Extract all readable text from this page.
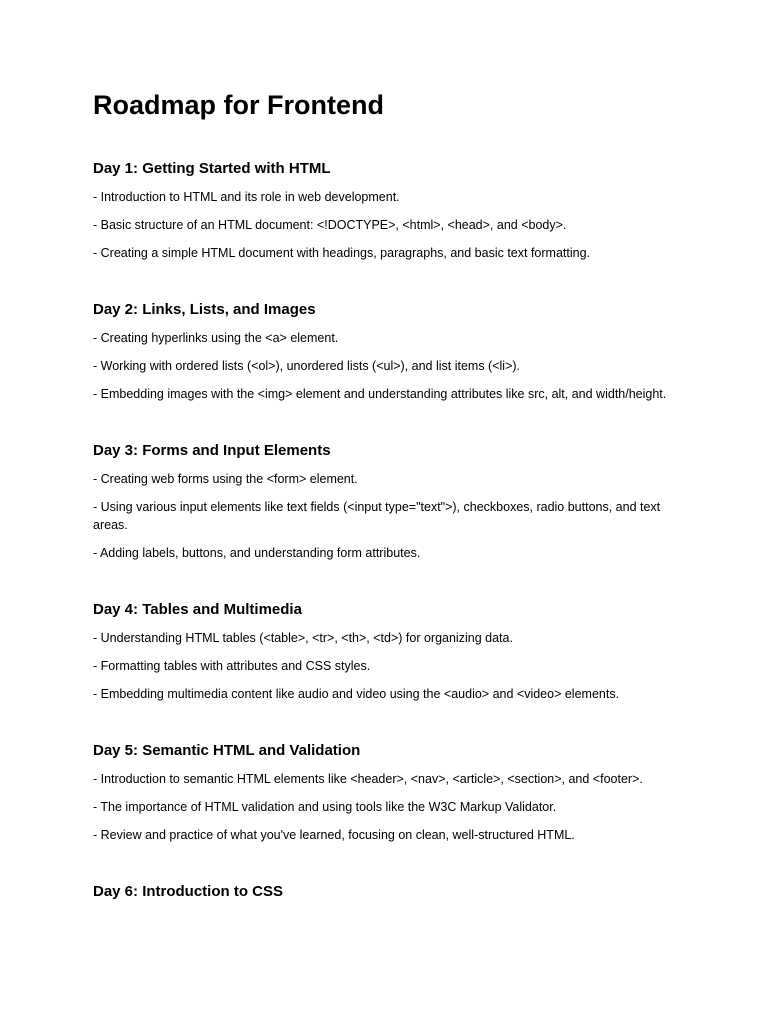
Roadmap for Frontend
Day 1: Getting Started with HTML

- Introduction to HTML and its role in web development.

- Basic structure of an HTML document: <!DOCTYPE>, <html>, <head>, and <body>.

- Creating a simple HTML document with headings, paragraphs, and basic text formatting.

Day 2: Links, Lists, and Images

- Creating hyperlinks using the <a> element.

- Working with ordered lists (<ol>), unordered lists (<ul>), and list items (<li>).

- Embedding images with the <img> element and understanding attributes like src, alt, and width/height.

Day 3: Forms and Input Elements

- Creating web forms using the <form> element.

- Using various input elements like text fields (<input type="text">), checkboxes, radio buttons, and text areas.

- Adding labels, buttons, and understanding form attributes.

Day 4: Tables and Multimedia

- Understanding HTML tables (<table>, <tr>, <th>, <td>) for organizing data.

- Formatting tables with attributes and CSS styles.

- Embedding multimedia content like audio and video using the <audio> and <video> elements.

Day 5: Semantic HTML and Validation

- Introduction to semantic HTML elements like <header>, <nav>, <article>, <section>, and <footer>.

- The importance of HTML validation and using tools like the W3C Markup Validator.

- Review and practice of what you've learned, focusing on clean, well-structured HTML.

Day 6: Introduction to CSS
